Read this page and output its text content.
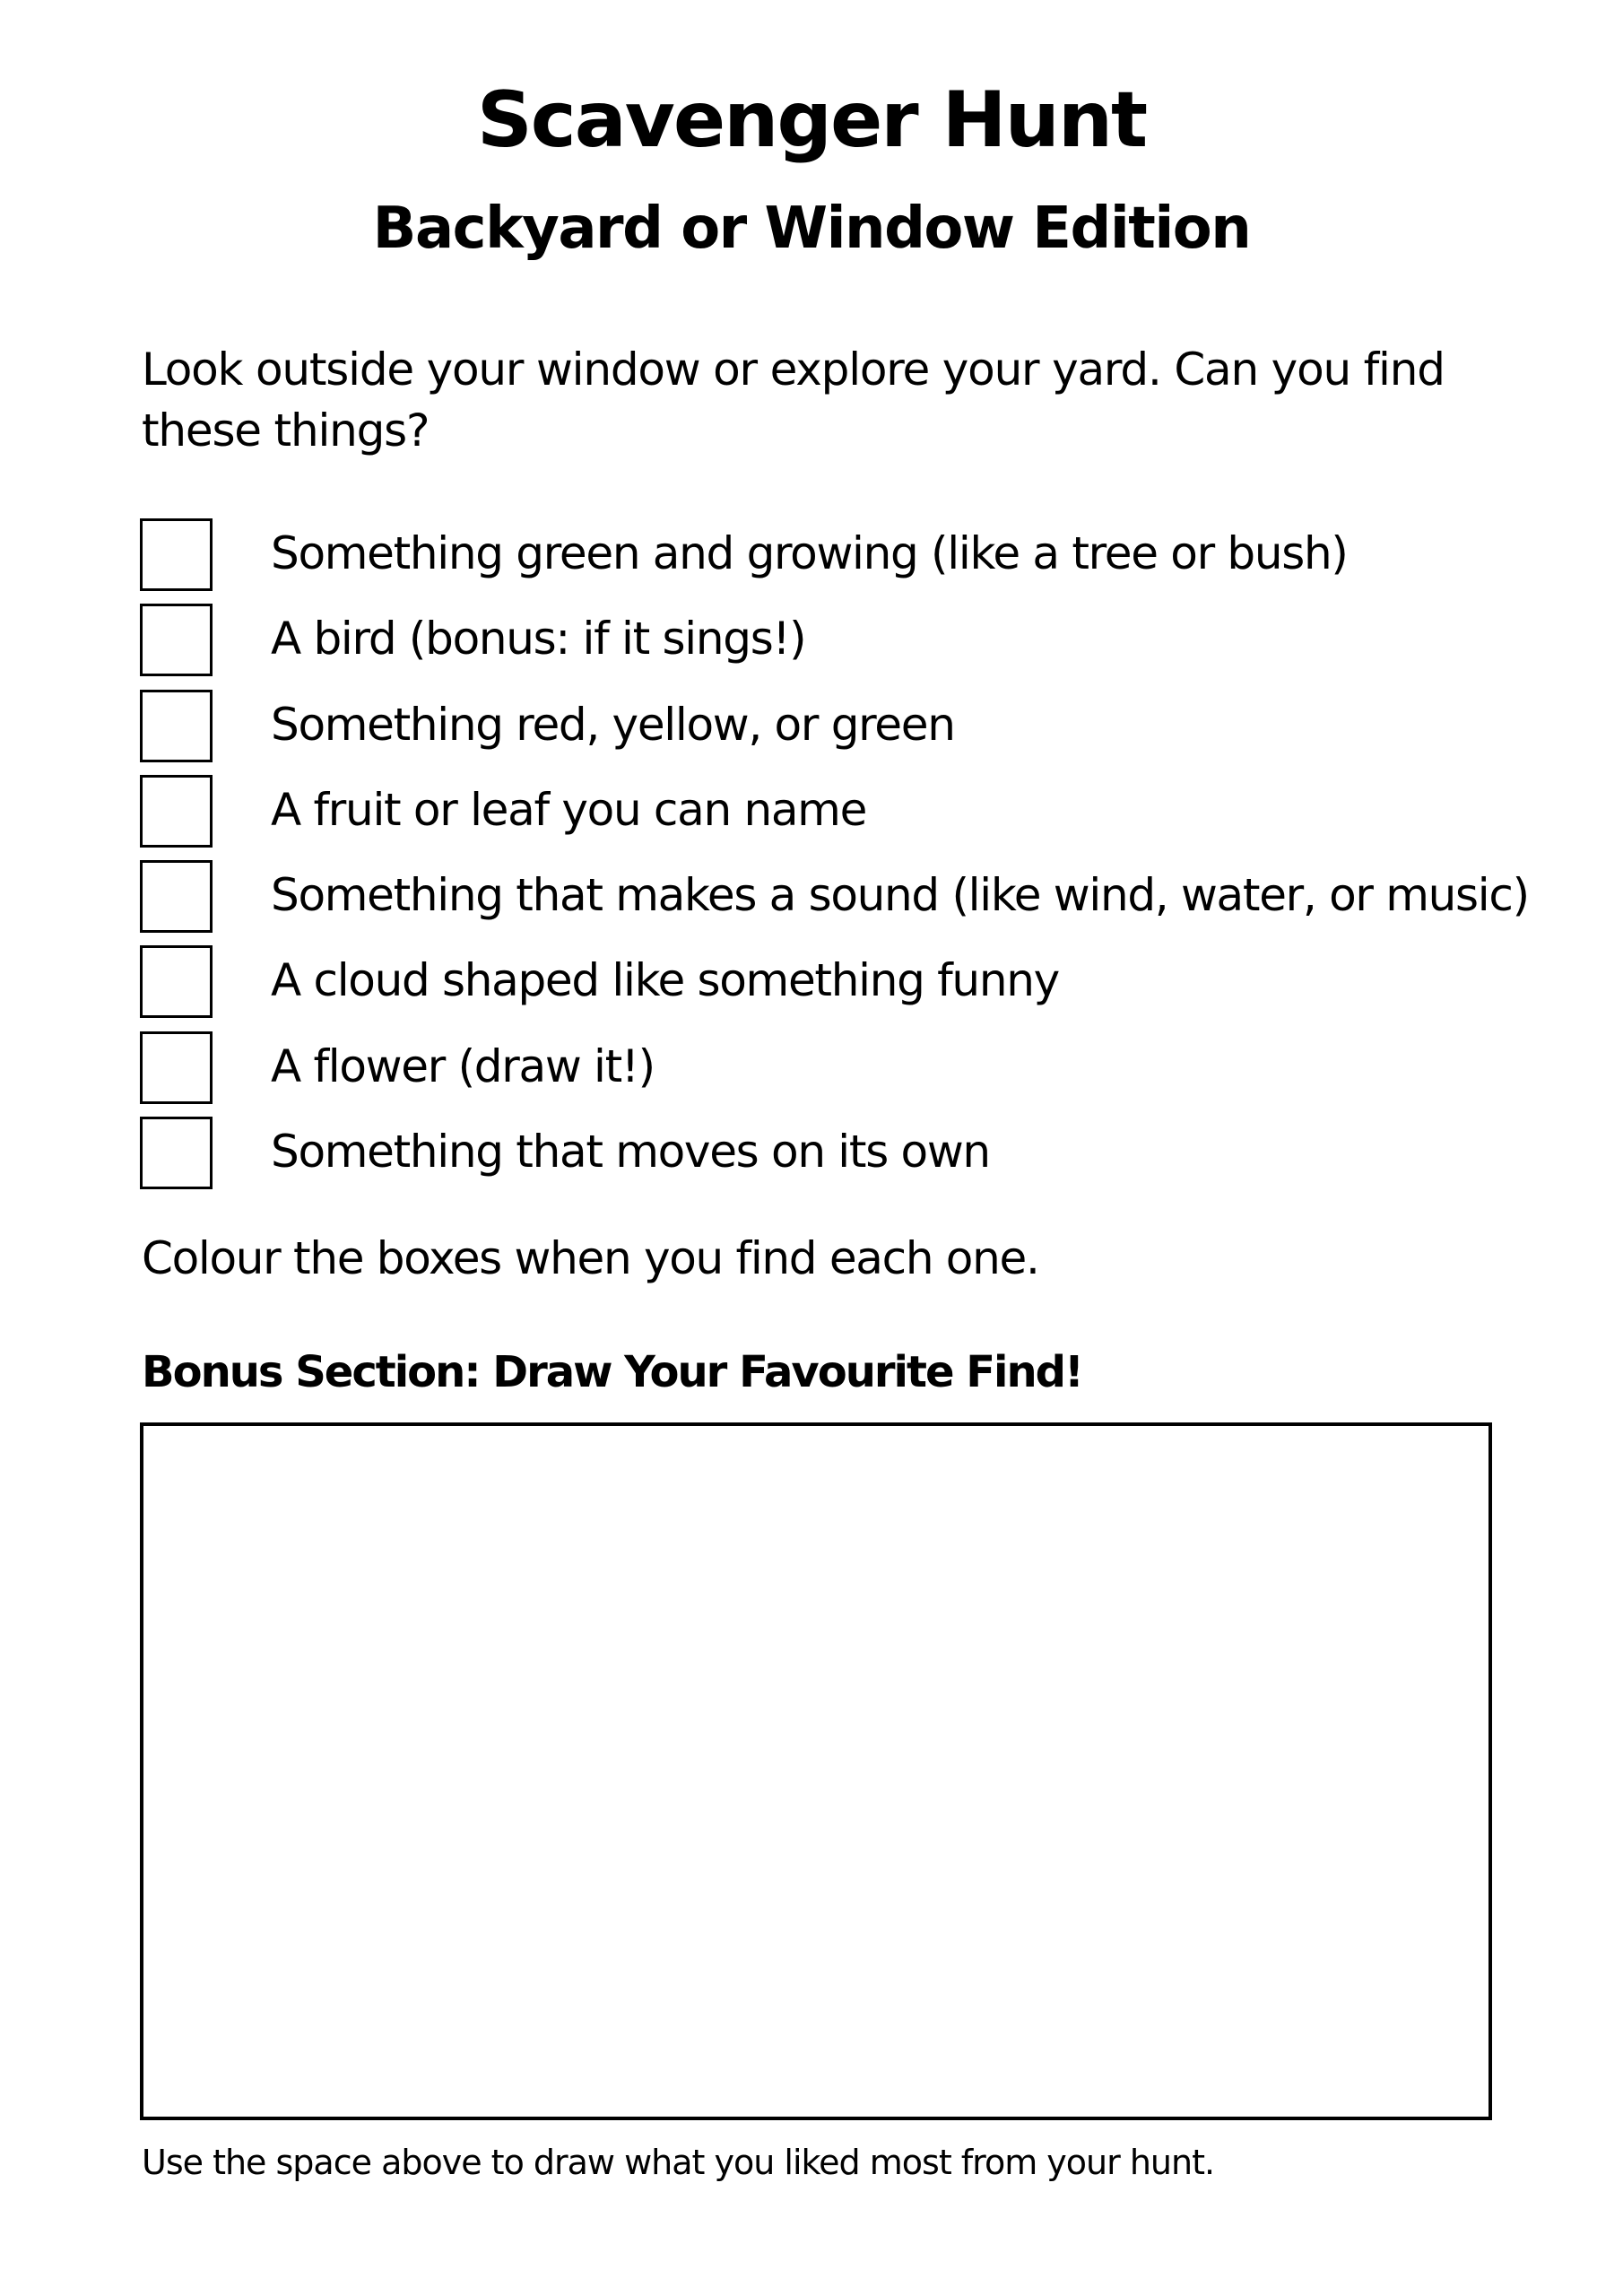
Scavenger Hunt
Backyard or Window Edition

Look outside your window or explore your yard. Can you find these things?

Something green and growing (like a tree or bush)
A bird (bonus: if it sings!)
Something red, yellow, or green
A fruit or leaf you can name
Something that makes a sound (like wind, water, or music)
A cloud shaped like something funny
A flower (draw it!)
Something that moves on its own

Colour the boxes when you find each one.

Bonus Section: Draw Your Favourite Find!

Use the space above to draw what you liked most from your hunt.
